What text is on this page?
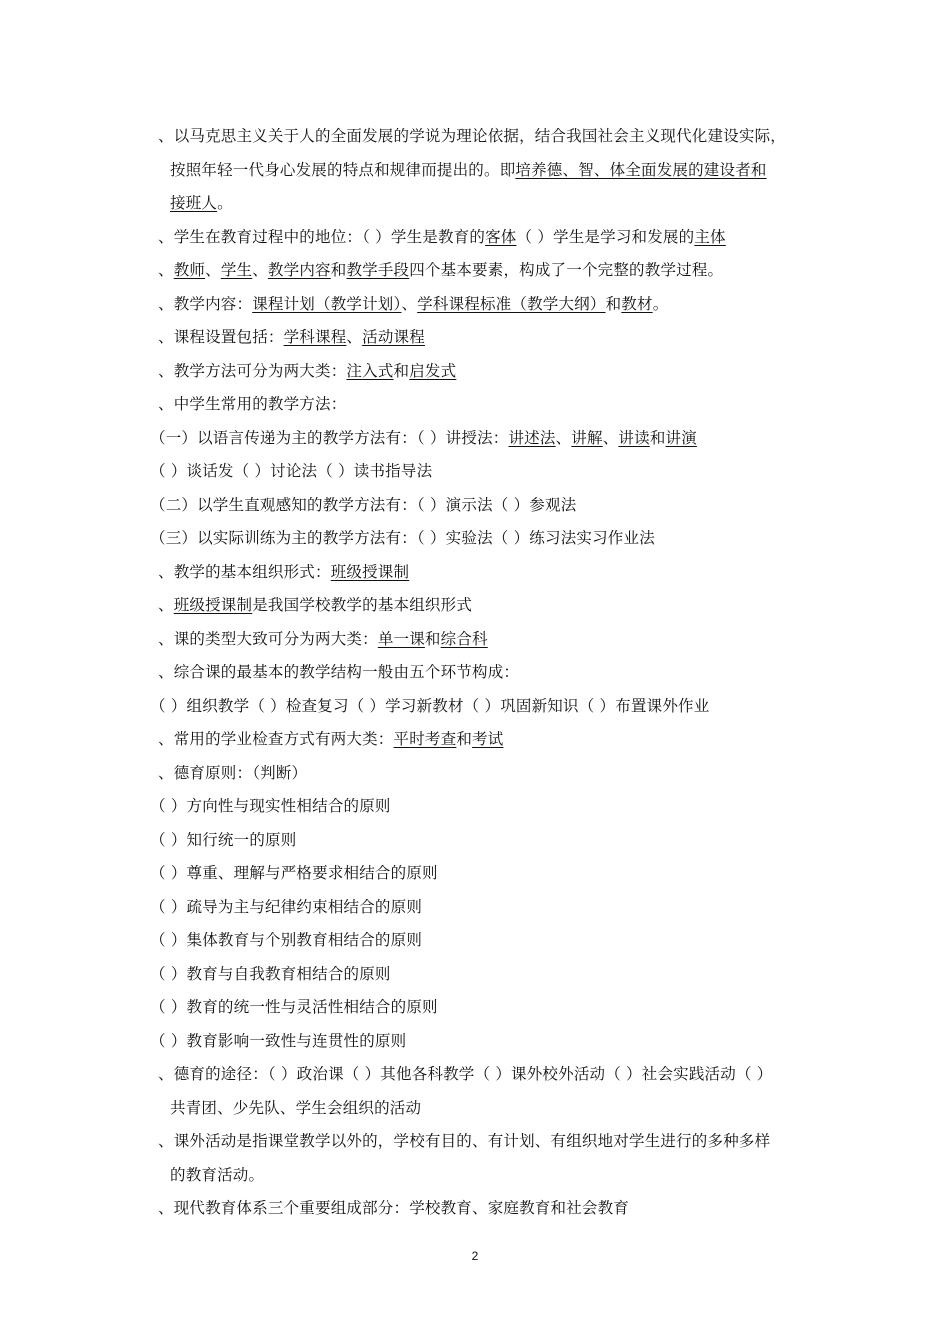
、以马克思主义关于人的全面发展的学说为理论依据，结合我国社会主义现代化建设实际，
按照年轻一代身心发展的特点和规律而提出的。即培养德、智、体全面发展的建设者和
接班人。
、学生在教育过程中的地位：（ ）学生是教育的客体（ ）学生是学习和发展的主体
、教师、学生、教学内容和教学手段四个基本要素，构成了一个完整的教学过程。
、教学内容：课程计划（教学计划）、学科课程标准（教学大纲）和教材。
、课程设置包括：学科课程、活动课程
、教学方法可分为两大类：注入式和启发式
、中学生常用的教学方法：
（一）以语言传递为主的教学方法有：（ ）讲授法：讲述法、讲解、讲读和讲演
（ ）谈话发（ ）讨论法（ ）读书指导法
（二）以学生直观感知的教学方法有：（ ）演示法（ ）参观法
（三）以实际训练为主的教学方法有：（ ）实验法（ ）练习法实习作业法
、教学的基本组织形式：班级授课制
、班级授课制是我国学校教学的基本组织形式
、课的类型大致可分为两大类：单一课和综合科
、综合课的最基本的教学结构一般由五个环节构成：
（ ）组织教学（ ）检查复习（ ）学习新教材（ ）巩固新知识（ ）布置课外作业
、常用的学业检查方式有两大类：平时考查和考试
、德育原则：（判断）
（ ）方向性与现实性相结合的原则
（ ）知行统一的原则
（ ）尊重、理解与严格要求相结合的原则
（ ）疏导为主与纪律约束相结合的原则
（ ）集体教育与个别教育相结合的原则
（ ）教育与自我教育相结合的原则
（ ）教育的统一性与灵活性相结合的原则
（ ）教育影响一致性与连贯性的原则
、德育的途径：（ ）政治课（ ）其他各科教学（ ）课外校外活动（ ）社会实践活动（ ）
共青团、少先队、学生会组织的活动
、课外活动是指课堂教学以外的，学校有目的、有计划、有组织地对学生进行的多种多样
的教育活动。
、现代教育体系三个重要组成部分：学校教育、家庭教育和社会教育
2
